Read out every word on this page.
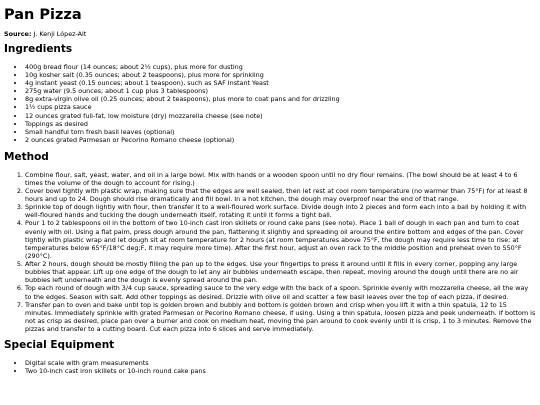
Pan Pizza

Source: J. Kenji López-Alt

Ingredients
• 400g bread flour (14 ounces; about 2½ cups), plus more for dusting
• 10g kosher salt (0.35 ounces; about 2 teaspoons), plus more for sprinkling
• 4g instant yeast (0.15 ounces; about 1 teaspoon), such as SAF Instant Yeast
• 275g water (9.5 ounces; about 1 cup plus 3 tablespoons)
• 8g extra-virgin olive oil (0.25 ounces; about 2 teaspoons), plus more to coat pans and for drizzling
• 1½ cups pizza sauce
• 12 ounces grated full-fat, low moisture (dry) mozzarella cheese (see note)
• Toppings as desired
• Small handful torn fresh basil leaves (optional)
• 2 ounces grated Parmesan or Pecorino Romano cheese (optional)
Method
1. Combine flour, salt, yeast, water, and oil in a large bowl. Mix with hands or a wooden spoon until no dry flour remains. (The bowl should be at least 4 to 6 times the volume of the dough to account for rising.)
2. Cover bowl tightly with plastic wrap, making sure that the edges are well sealed, then let rest at cool room temperature (no warmer than 75°F) for at least 8 hours and up to 24. Dough should rise dramatically and fill bowl. In a hot kitchen, the dough may overproof near the end of that range.
3. Sprinkle top of dough lightly with flour, then transfer it to a well-floured work surface. Divide dough into 2 pieces and form each into a ball by holding it with well-floured hands and tucking the dough underneath itself, rotating it until it forms a tight ball.
4. Pour 1 to 2 tablespoons oil in the bottom of two 10-inch cast iron skillets or round cake pans (see note). Place 1 ball of dough in each pan and turn to coat evenly with oil. Using a flat palm, press dough around the pan, flattening it slightly and spreading oil around the entire bottom and edges of the pan. Cover tightly with plastic wrap and let dough sit at room temperature for 2 hours (at room temperatures above 75°F, the dough may require less time to rise; at temperatures below 65°F/18°C deg;F, it may require more time). After the first hour, adjust an oven rack to the middle position and preheat oven to 550°F (290°C).
5. After 2 hours, dough should be mostly filling the pan up to the edges. Use your fingertips to press it around until it fills in every corner, popping any large bubbles that appear. Lift up one edge of the dough to let any air bubbles underneath escape, then repeat, moving around the dough until there are no air bubbles left underneath and the dough is evenly spread around the pan.
6. Top each round of dough with 3/4 cup sauce, spreading sauce to the very edge with the back of a spoon. Sprinkle evenly with mozzarella cheese, all the way to the edges. Season with salt. Add other toppings as desired. Drizzle with olive oil and scatter a few basil leaves over the top of each pizza, if desired.
7. Transfer pan to oven and bake until top is golden brown and bubbly and bottom is golden brown and crisp when you lift it with a thin spatula, 12 to 15 minutes. Immediately sprinkle with grated Parmesan or Pecorino Romano cheese, if using. Using a thin spatula, loosen pizza and peek underneath. If bottom is not as crisp as desired, place pan over a burner and cook on medium heat, moving the pan around to cook evenly until it is crisp, 1 to 3 minutes. Remove the pizzas and transfer to a cutting board. Cut each pizza into 6 slices and serve immediately.
Special Equipment
• Digital scale with gram measurements
• Two 10-inch cast iron skillets or 10-inch round cake pans
